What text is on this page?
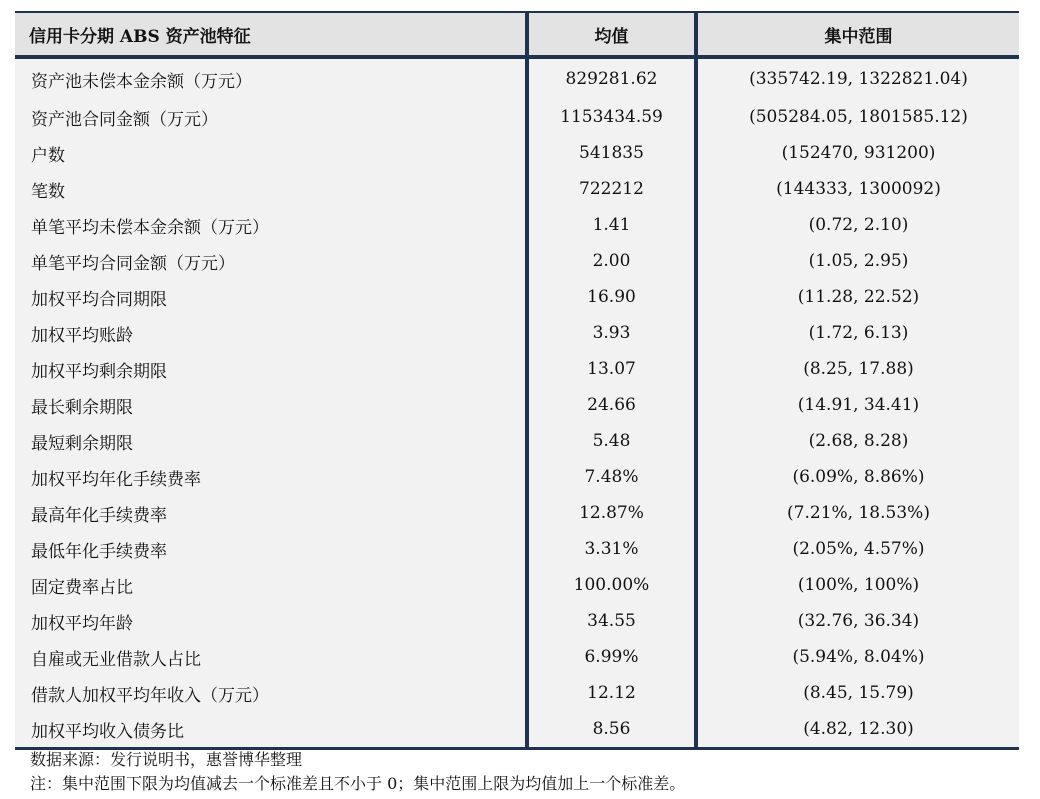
信用卡分期 ABS 资产池特征	均值	集中范围
资产池未偿本金余额（万元）	829281.62	(335742.19, 1322821.04)
资产池合同金额（万元）	1153434.59	(505284.05, 1801585.12)
户数	541835	(152470, 931200)
笔数	722212	(144333, 1300092)
单笔平均未偿本金余额（万元）	1.41	(0.72, 2.10)
单笔平均合同金额（万元）	2.00	(1.05, 2.95)
加权平均合同期限	16.90	(11.28, 22.52)
加权平均账龄	3.93	(1.72, 6.13)
加权平均剩余期限	13.07	(8.25, 17.88)
最长剩余期限	24.66	(14.91, 34.41)
最短剩余期限	5.48	(2.68, 8.28)
加权平均年化手续费率	7.48%	(6.09%, 8.86%)
最高年化手续费率	12.87%	(7.21%, 18.53%)
最低年化手续费率	3.31%	(2.05%, 4.57%)
固定费率占比	100.00%	(100%, 100%)
加权平均年龄	34.55	(32.76, 36.34)
自雇或无业借款人占比	6.99%	(5.94%, 8.04%)
借款人加权平均年收入（万元）	12.12	(8.45, 15.79)
加权平均收入债务比	8.56	(4.82, 12.30)
数据来源：发行说明书，惠誉博华整理
注：集中范围下限为均值减去一个标准差且不小于 0；集中范围上限为均值加上一个标准差。
